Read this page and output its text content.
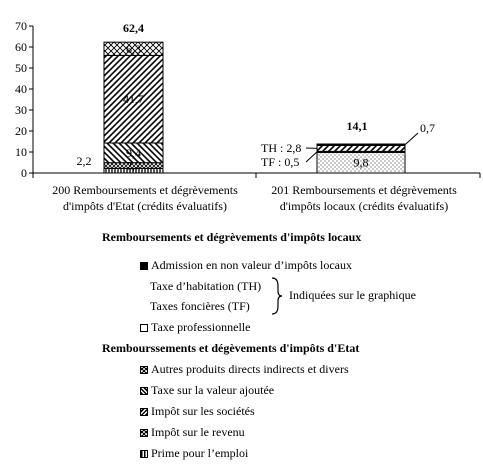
0
10
20
30
40
50
60
70
200 Remboursements et dégrèvements
d'impôts d'Etat (crédits évaluatifs)
201 Remboursements et dégrèvements
d'impôts locaux (crédits évaluatifs)
2,2	2,7
9,4
41,7
6,3
62,4
9,8
TF : 0,5
TH : 2,8
0,7
14,1
Remboursements et dégrèvements d'impôts locaux
Admission en non valeur d’impôts locaux
Taxe d’habitation (TH)
Taxes foncières (TF)
Indiquées sur le graphique
Taxe professionnelle
Rembourssements et dégèvements d'impôts d'Etat
Autres produits directs indirects et divers
Taxe sur la valeur ajoutée
Impôt sur les sociétés
Impôt sur le revenu
Prime pour l’emploi
